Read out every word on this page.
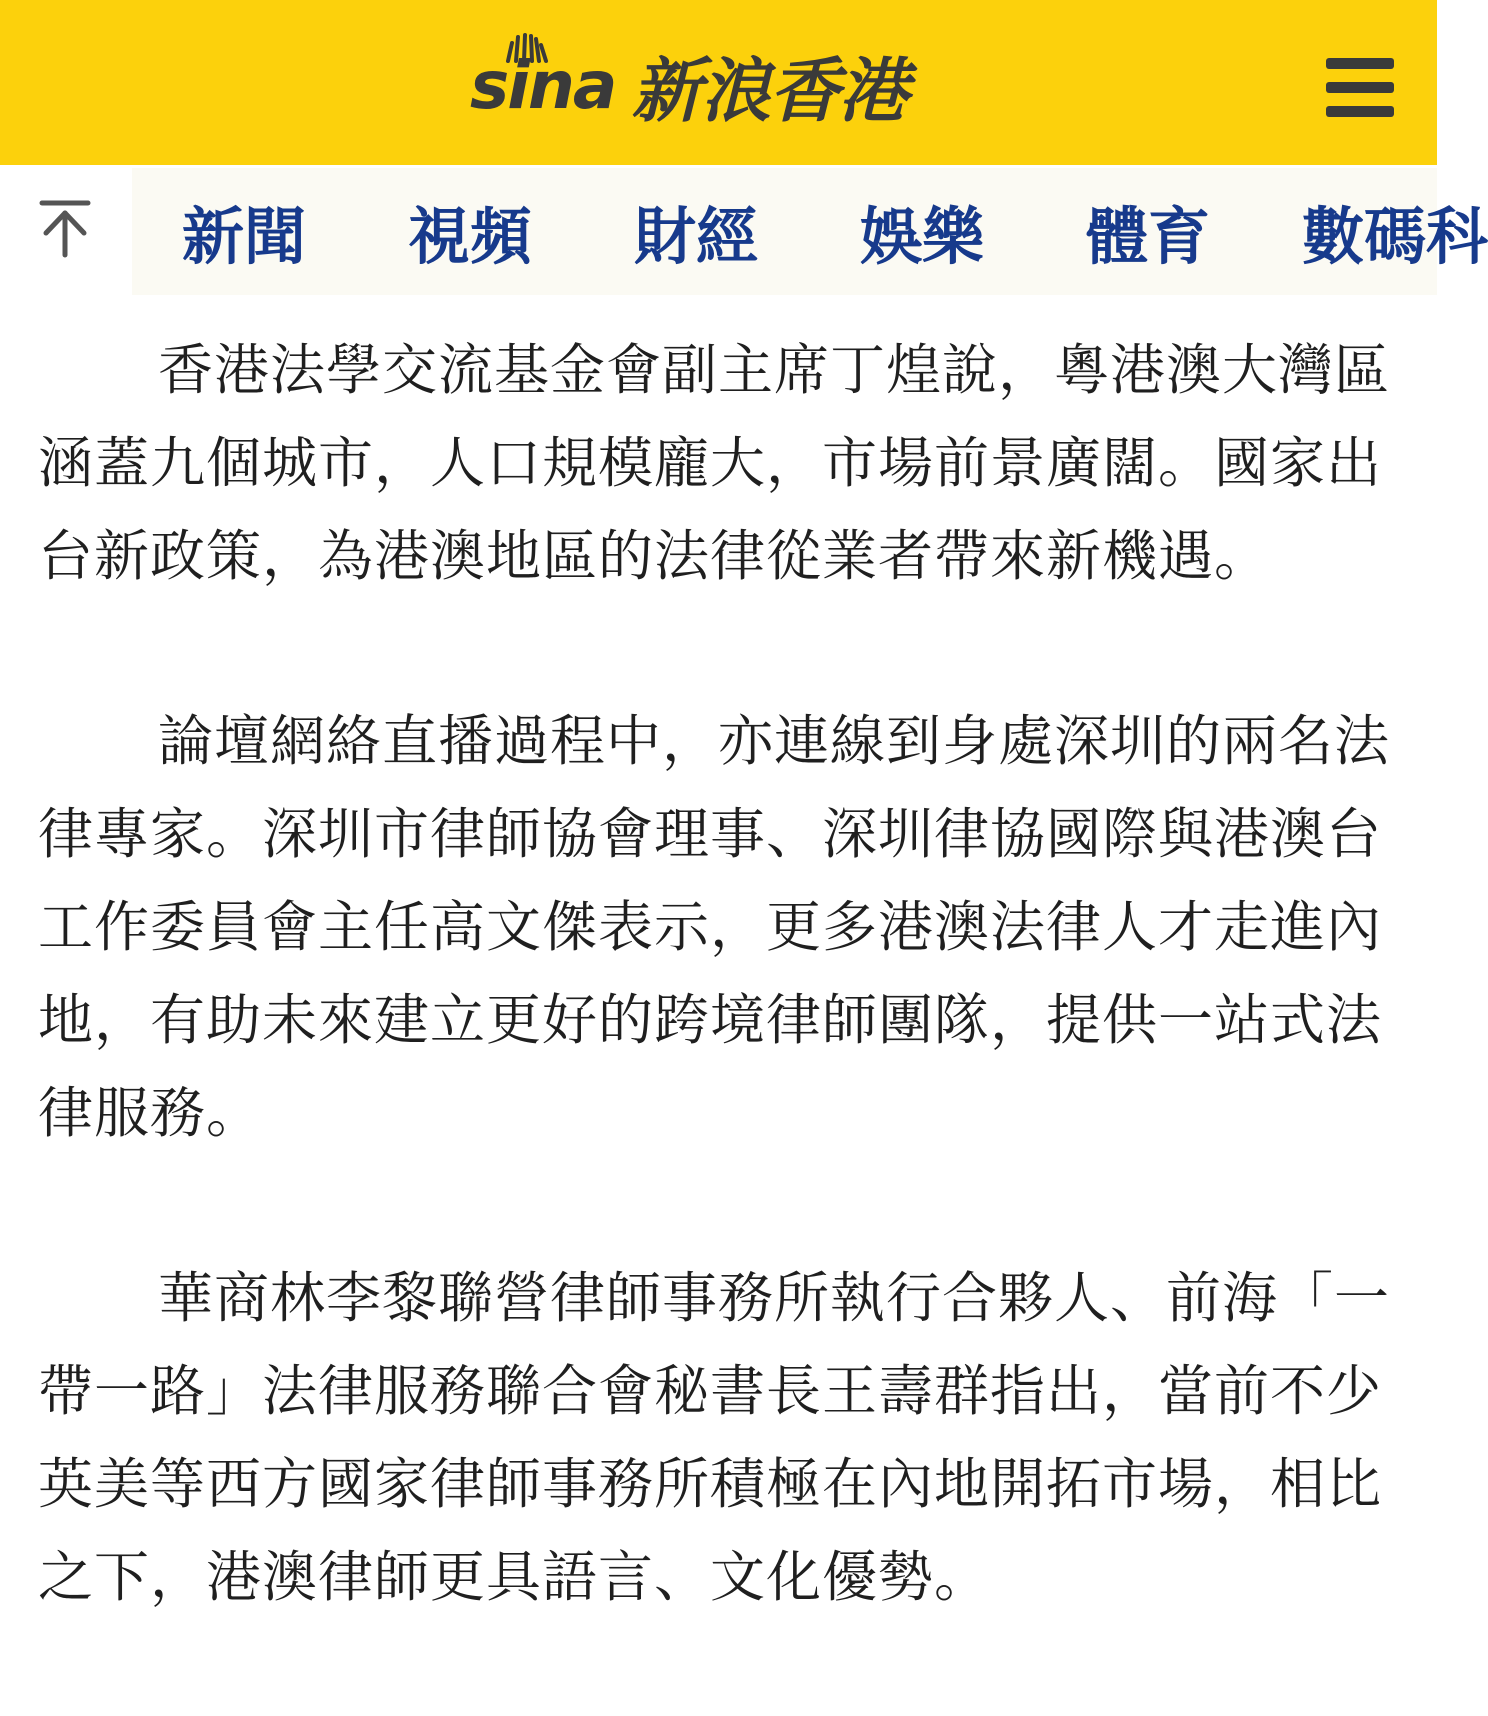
sina 新浪香港
新聞 視頻 財經 娛樂 體育 數碼科

香港法學交流基金會副主席丁煌說，粵港澳大灣區涵蓋九個城市，人口規模龐大，市場前景廣闊。國家出台新政策，為港澳地區的法律從業者帶來新機遇。

論壇網絡直播過程中，亦連線到身處深圳的兩名法律專家。深圳市律師協會理事、深圳律協國際與港澳台工作委員會主任高文傑表示，更多港澳法律人才走進內地，有助未來建立更好的跨境律師團隊，提供一站式法律服務。

華商林李黎聯營律師事務所執行合夥人、前海「一帶一路」法律服務聯合會秘書長王壽群指出，當前不少英美等西方國家律師事務所積極在內地開拓市場，相比之下，港澳律師更具語言、文化優勢。
